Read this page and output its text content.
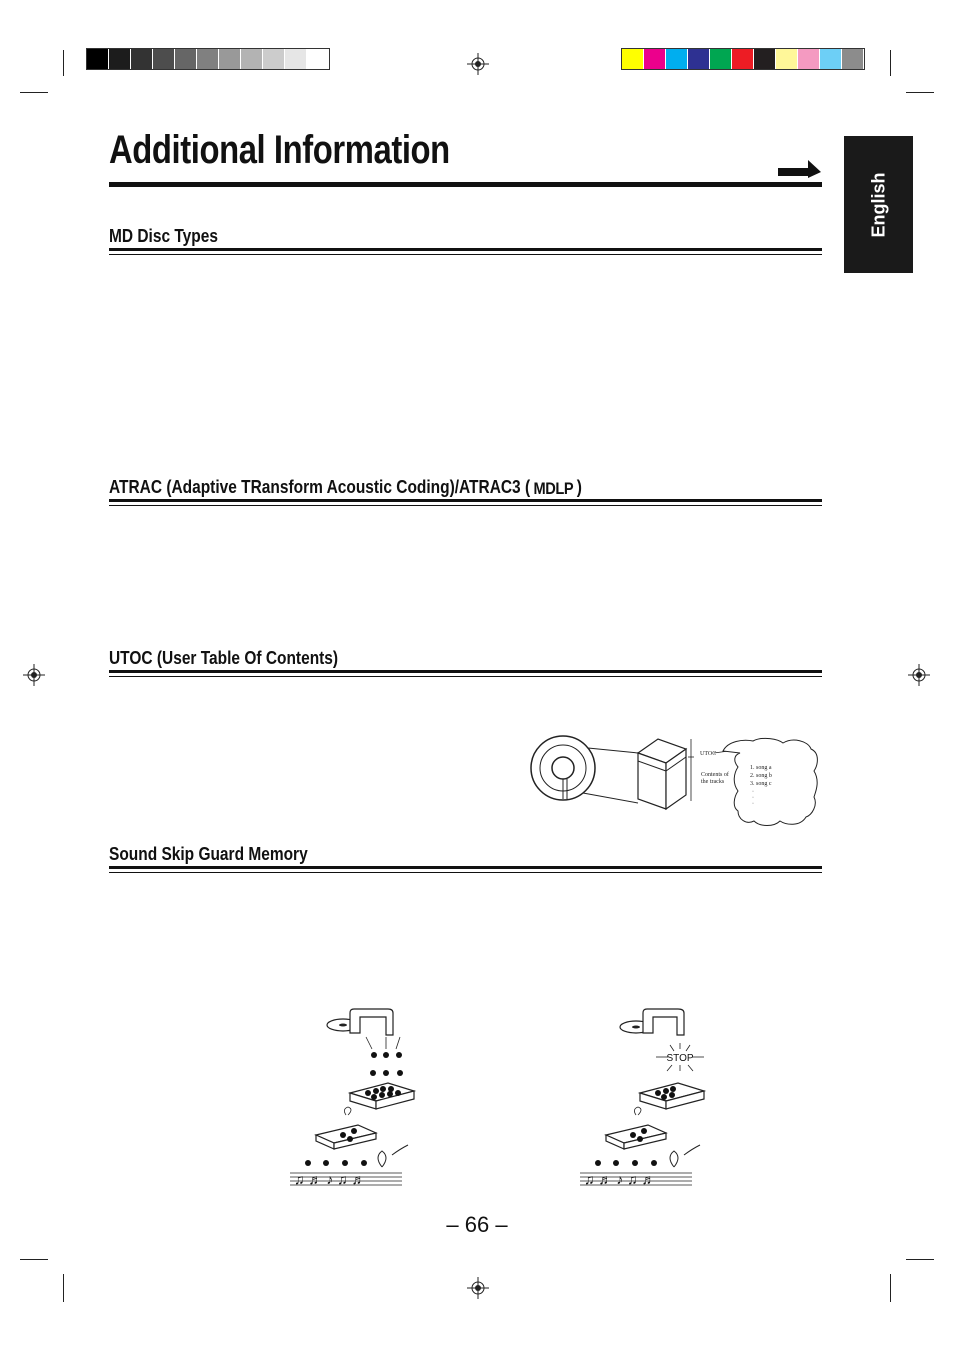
English
Additional Information
MD Disc Types
ATRAC (Adaptive TRansform Acoustic Coding)/ATRAC3 ( MDLP )
UTOC (User Table Of Contents)
UTOC
Contents of
the tracks
1. song a
2. song b
3. song c
·
·
·
Sound Skip Guard Memory
♫ ♬ ♪ ♫ ♬
STOP
♫ ♬ ♪ ♫ ♬
– 66 –
